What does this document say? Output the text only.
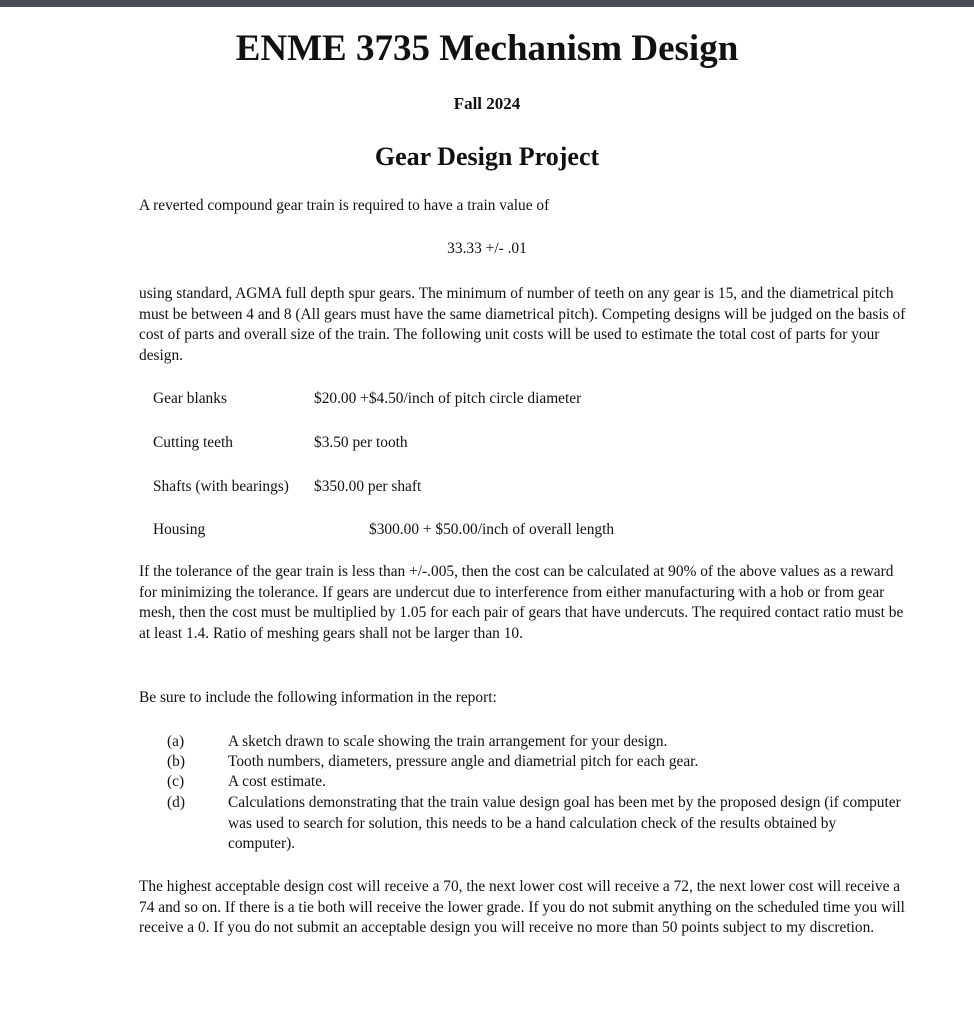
ENME 3735 Mechanism Design
Fall 2024
Gear Design Project

A reverted compound gear train is required to have a train value of

33.33 +/- .01

using standard, AGMA full depth spur gears. The minimum of number of teeth on any gear is 15, and the diametrical pitch must be between 4 and 8 (All gears must have the same diametrical pitch). Competing designs will be judged on the basis of cost of parts and overall size of the train. The following unit costs will be used to estimate the total cost of parts for your design.

Gear blanks	$20.00 +$4.50/inch of pitch circle diameter
Cutting teeth	$3.50 per tooth
Shafts (with bearings) $350.00 per shaft
Housing	$300.00 + $50.00/inch of overall length

If the tolerance of the gear train is less than +/-.005, then the cost can be calculated at 90% of the above values as a reward for minimizing the tolerance. If gears are undercut due to interference from either manufacturing with a hob or from gear mesh, then the cost must be multiplied by 1.05 for each pair of gears that have undercuts. The required contact ratio must be at least 1.4. Ratio of meshing gears shall not be larger than 10.

Be sure to include the following information in the report:

(a)	A sketch drawn to scale showing the train arrangement for your design.
(b)	Tooth numbers, diameters, pressure angle and diametrial pitch for each gear.
(c)	A cost estimate.
(d)	Calculations demonstrating that the train value design goal has been met by the proposed design (if computer was used to search for solution, this needs to be a hand calculation check of the results obtained by computer).

The highest acceptable design cost will receive a 70, the next lower cost will receive a 72, the next lower cost will receive a 74 and so on. If there is a tie both will receive the lower grade. If you do not submit anything on the scheduled time you will receive a 0. If you do not submit an acceptable design you will receive no more than 50 points subject to my discretion.
